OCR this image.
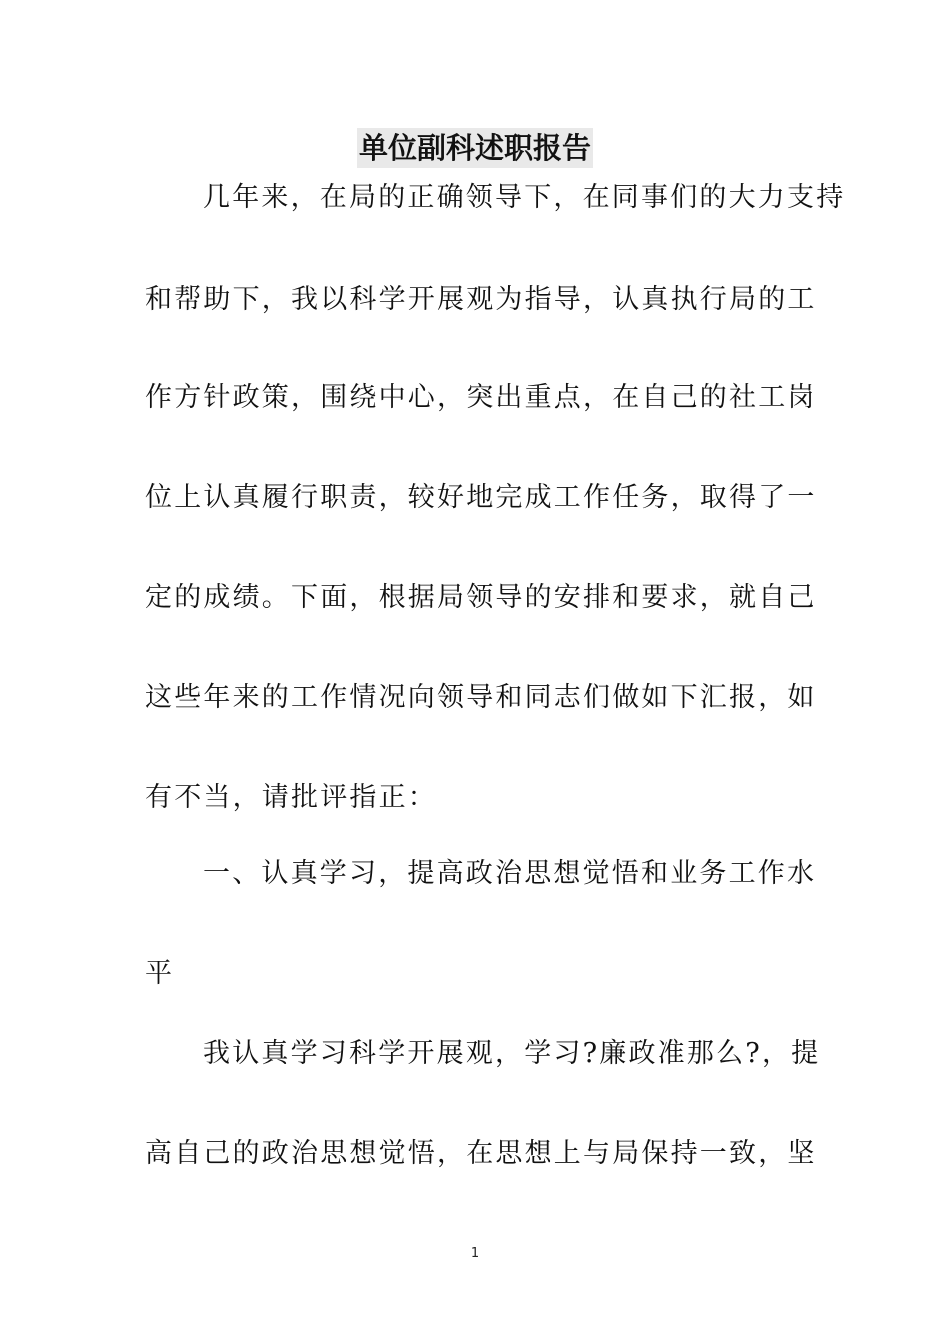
单位副科述职报告
几年来，在局的正确领导下，在同事们的大力支持
和帮助下，我以科学开展观为指导，认真执行局的工
作方针政策，围绕中心，突出重点，在自己的社工岗
位上认真履行职责，较好地完成工作任务，取得了一
定的成绩。下面，根据局领导的安排和要求，就自己
这些年来的工作情况向领导和同志们做如下汇报，如
有不当，请批评指正：
一、认真学习，提高政治思想觉悟和业务工作水
平
我认真学习科学开展观，学习?廉政准那么?，提
高自己的政治思想觉悟，在思想上与局保持一致，坚
1
